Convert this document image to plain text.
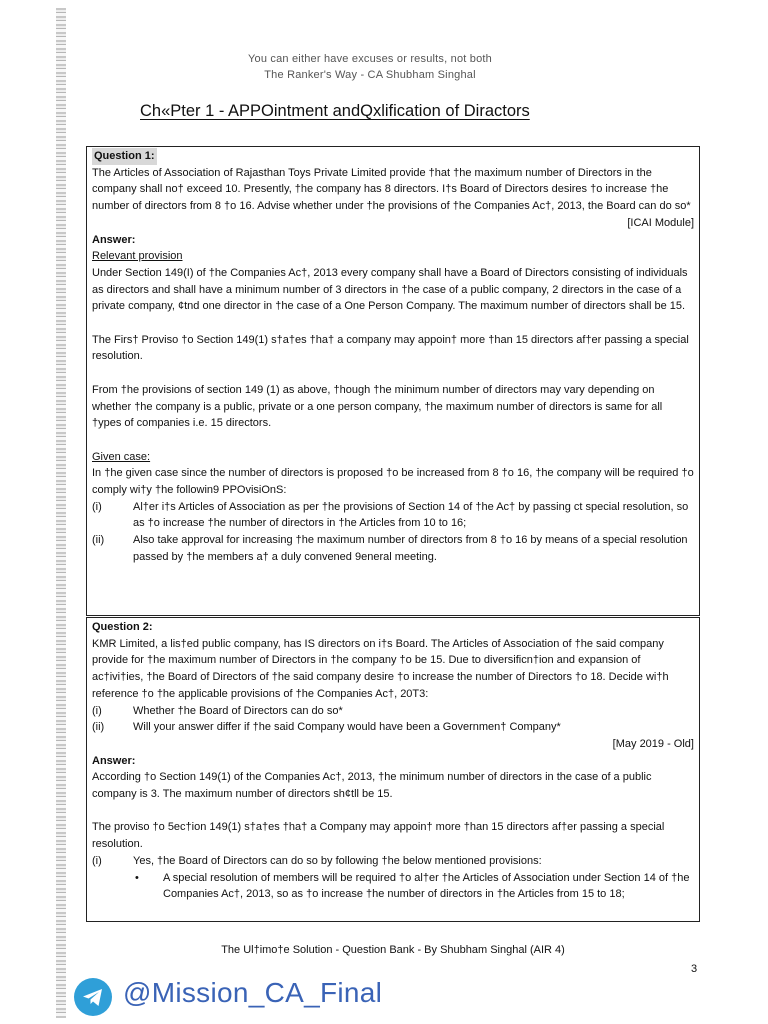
You can either have excuses or results, not both
The Ranker's Way - CA Shubham Singhal
Ch«Pter 1 - APPOintment andQxlification of Diractors
Question 1:

The Articles of Association of Rajasthan Toys Private Limited provide †hat †he maximum number of Directors in the company shall no† exceed 10. Presently, †he company has 8 directors. I†s Board of Directors desires †o increase †he number of directors from 8 †o 16. Advise whether under †he provisions of †he Companies Ac†, 2013, the Board can do so*

[ICAI Module]
Answer:
Relevant provision

Under Section 149(I) of †he Companies Ac†, 2013 every company shall have a Board of Directors consisting of individuals as directors and shall have a minimum number of 3 directors in †he case of a public company, 2 directors in the case of a private company, ¢tnd one director in †he case of a One Person Company. The maximum number of directors shall be 15.

The Firs† Proviso †o Section 149(1) s†a†es †ha† a company may appoin† more †han 15 directors af†er passing a special resolution.

From †he provisions of section 149 (1) as above, †hough †he minimum number of directors may vary depending on whether †he company is a public, private or a one person company, †he maximum number of directors is same for all †ypes of companies i.e. 15 directors.

Given case:

In †he given case since the number of directors is proposed †o be increased from 8 †o 16, †he company will be required †o comply wi†y †he followin9 PPOvisiOnS:

(i)	Al†er i†s Articles of Association as per †he provisions of Section 14 of †he Ac† by passing ct special resolution, so as †o increase †he number of directors in †he Articles from 10 to 16;
(ii)	Also take approval for increasing †he maximum number of directors from 8 †o 16 by means of a special resolution passed by †he members a† a duly convened 9eneral meeting.
Question 2:

KMR Limited, a lis†ed public company, has IS directors on i†s Board. The Articles of Association of †he said company provide for †he maximum number of Directors in †he company †o be 15. Due to diversificn†ion and expansion of ac†ivi†ies, †he Board of Directors of †he said company desire †o increase the number of Directors †o 18. Decide wi†h reference †o †he applicable provisions of †he Companies Ac†, 20T3:

(i)	Whether †he Board of Directors can do so*
(ii)	Will your answer differ if †he said Company would have been a Governmen† Company*
[May 2019 - Old]
Answer:

According †o Section 149(1) of the Companies Ac†, 2013, †he minimum number of directors in the case of a public company is 3. The maximum number of directors sh¢tll be 15.

The proviso †o 5ec†ion 149(1) s†a†es †ha† a Company may appoin† more †han 15 directors af†er passing a special resolution.

(i)	Yes, †he Board of Directors can do so by following †he below mentioned provisions:
•	A special resolution of members will be required †o al†er †he Articles of Association under Section 14 of †he Companies Ac†, 2013, so as †o increase †he number of directors in †he Articles from 15 to 18;
The Ul†imo†e Solution - Question Bank - By Shubham Singhal (AIR 4)
3
@Mission_CA_Final
